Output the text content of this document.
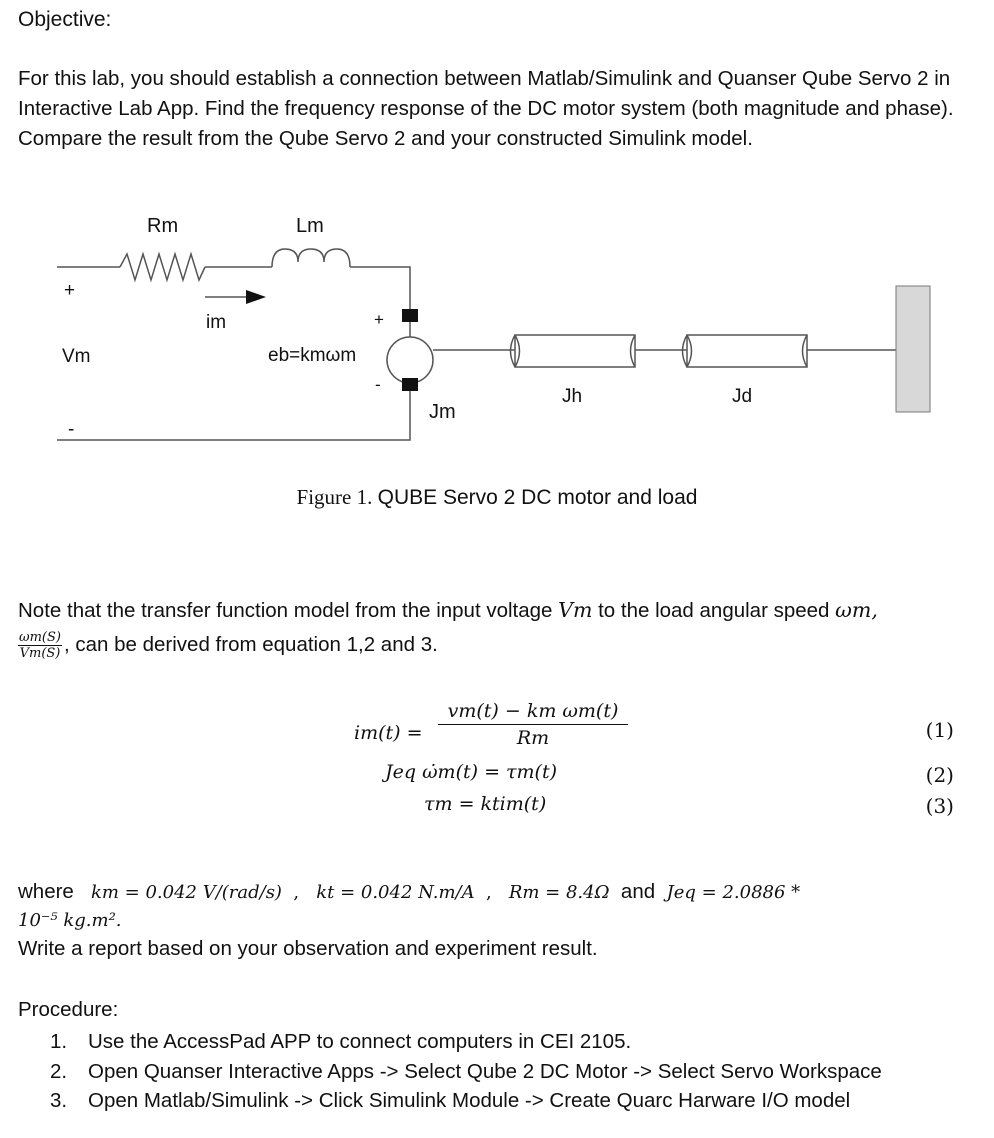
Objective:
For this lab, you should establish a connection between Matlab/Simulink and Quanser Qube Servo 2 in Interactive Lab App. Find the frequency response of the DC motor system (both magnitude and phase). Compare the result from the Qube Servo 2 and your constructed Simulink model.
Rm	Lm
+
Vm
-
im
eb=kmωm
+
-
Jm
Jh	Jd
Figure 1. QUBE Servo 2 DC motor and load
Note that the transfer function model from the input voltage Vm to the load angular speed ωm,
$\frac{\omega m(S)}{Vm(S)}$ , can be derived from equation 1,2 and 3.
$im(t) = \frac{\text{vm(t) − km ωm(t)}}{Rm}$	(1)
Jeq ω̇m(t) = τm(t)	(2)
τm = ktim(t)	(3)
where km = 0.042 V/(rad/s) , kt = 0.042 N.m/A , Rm = 8.4Ω and Jeq = 2.0886 *
10⁻⁵ kg.m².
Write a report based on your observation and experiment result.
Procedure:
1. Use the AccessPad APP to connect computers in CEI 2105.
2. Open Quanser Interactive Apps -> Select Qube 2 DC Motor -> Select Servo Workspace
3. Open Matlab/Simulink -> Click Simulink Module -> Create Quarc Harware I/O model
